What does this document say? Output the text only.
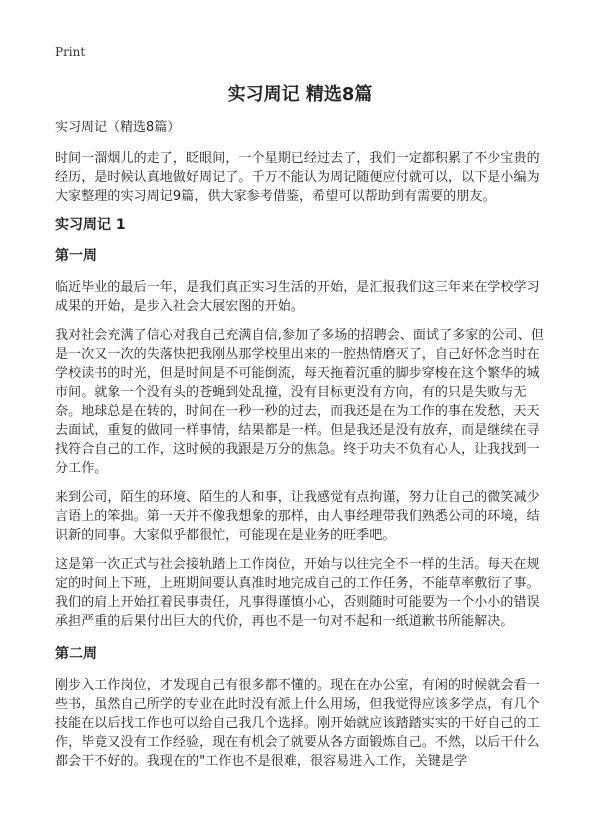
Print
实习周记 精选8篇
实习周记（精选8篇）

时间一溜烟儿的走了，眨眼间，一个星期已经过去了，我们一定都积累了不少宝贵的经历，是时候认真地做好周记了。千万不能认为周记随便应付就可以，以下是小编为大家整理的实习周记9篇，供大家参考借鉴，希望可以帮助到有需要的朋友。

实习周记 1
第一周

临近毕业的最后一年，是我们真正实习生活的开始，是汇报我们这三年来在学校学习成果的开始，是步入社会大展宏图的开始。

我对社会充满了信心对我自己充满自信,参加了多场的招聘会、面试了多家的公司、但是一次又一次的失落快把我刚丛那学校里出来的一腔热情磨灭了，自己好怀念当时在学校读书的时光，但是时间是不可能倒流，每天拖着沉重的脚步穿梭在这个繁华的城市间。就象一个没有头的苍蝇到处乱撞，没有目标更没有方向，有的只是失败与无奈。地球总是在转的，时间在一秒一秒的过去，而我还是在为工作的事在发愁，天天去面试，重复的做同一样事情，结果都是一样。但是我还是没有放弃，而是继续在寻找符合自己的工作，这时候的我跟是万分的焦急。终于功夫不负有心人，让我找到一分工作。

来到公司，陌生的环境、陌生的人和事，让我感觉有点拘谨，努力让自己的微笑减少言语上的笨拙。第一天并不像我想象的那样，由人事经理带我们熟悉公司的环境，结识新的同事。大家似乎都很忙，可能现在是业务的旺季吧。

这是第一次正式与社会接轨踏上工作岗位，开始与以往完全不一样的生活。每天在规定的时间上下班，上班期间要认真准时地完成自己的工作任务，不能草率敷衍了事。我们的肩上开始扛着民事责任，凡事得谨慎小心，否则随时可能要为一个小小的错误承担严重的后果付出巨大的代价，再也不是一句对不起和一纸道歉书所能解决。

第二周

刚步入工作岗位，才发现自己有很多都不懂的。现在在办公室，有闲的时候就会看一些书，虽然自己所学的专业在此时没有派上什么用场，但我觉得应该多学点，有几个技能在以后找工作也可以给自己我几个选择。刚开始就应该踏踏实实的干好自己的工作，毕竟又没有工作经验，现在有机会了就要从各方面锻炼自己。不然，以后干什么都会干不好的。我现在的"工作也不是很难，很容易进入工作，关键是学
